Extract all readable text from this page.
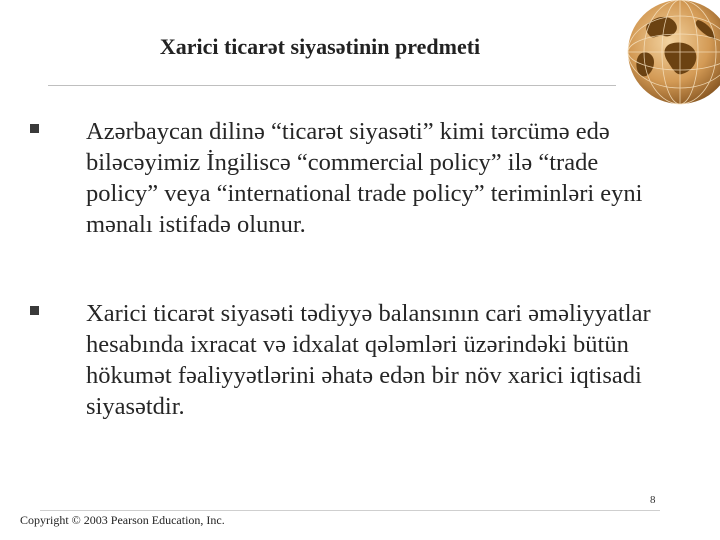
Xarici ticarət siyasətinin predmeti

Azərbaycan dilinə “ticarət siyasəti” kimi tərcümə edə biləcəyimiz İngiliscə “commercial policy” ilə “trade policy” veya “international trade policy” teriminləri eyni mənalı istifadə olunur.

Xarici ticarət siyasəti tədiyyə balansının cari əməliyyatlar hesabında ixracat və idxalat qələmləri üzərindəki bütün hökumət fəaliyyətlərini əhatə edən bir növ xarici iqtisadi siyasətdir.

8
Copyright © 2003 Pearson Education, Inc.
